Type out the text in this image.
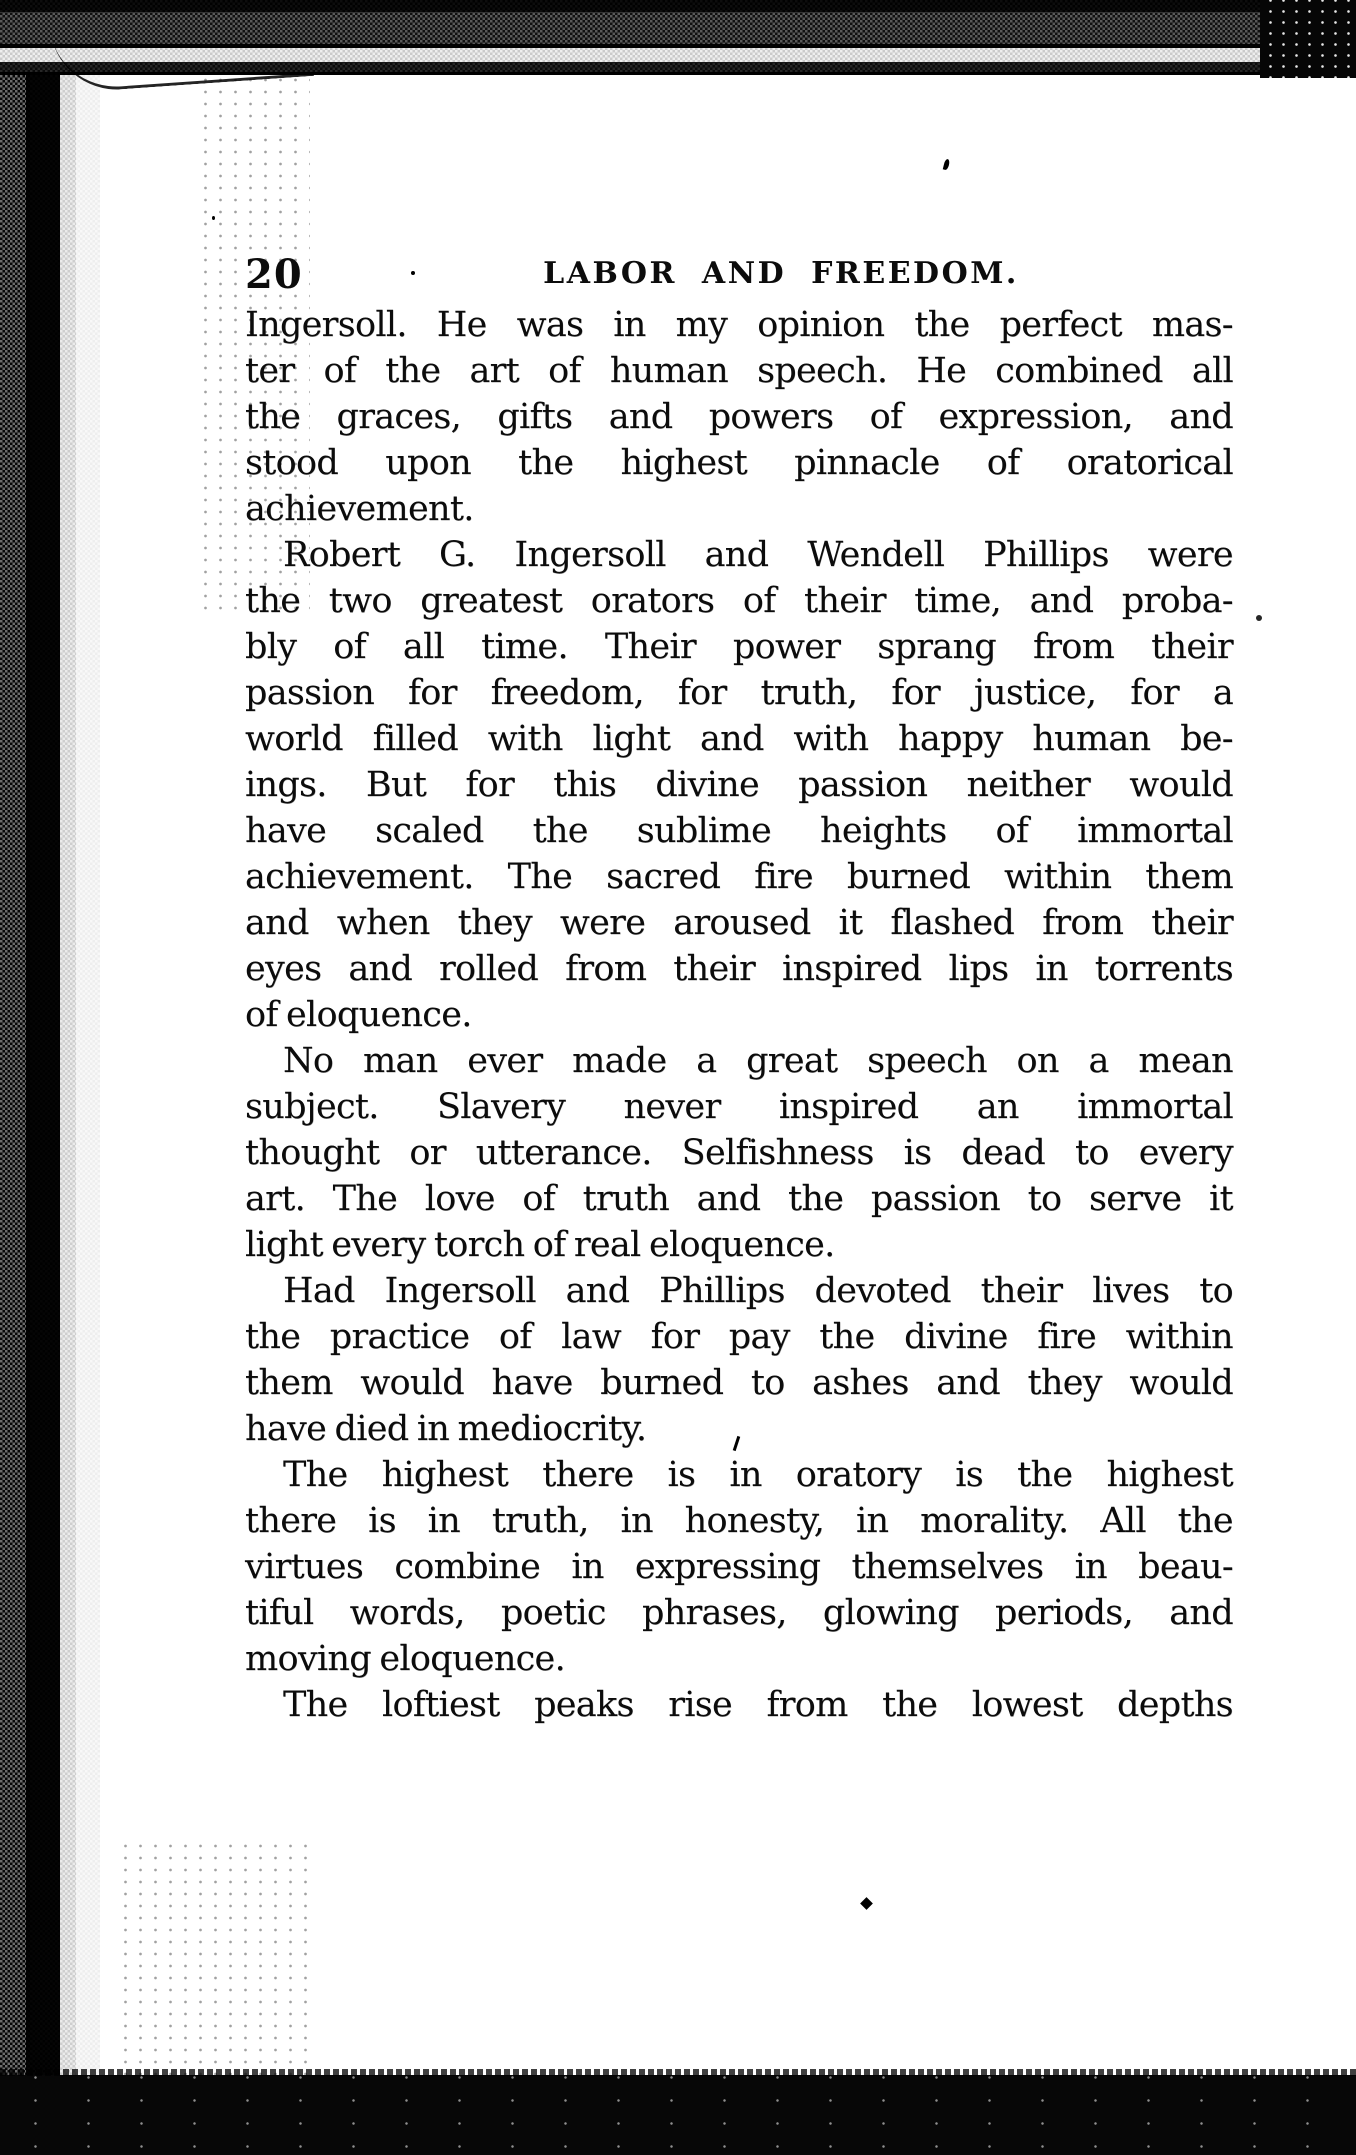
20	LABOR AND FREEDOM.
Ingersoll. He was in my opinion the perfect mas-
ter of the art of human speech. He combined all
the graces, gifts and powers of expression, and
stood upon the highest pinnacle of oratorical
achievement.
Robert G. Ingersoll and Wendell Phillips were
the two greatest orators of their time, and proba-
bly of all time. Their power sprang from their
passion for freedom, for truth, for justice, for a
world filled with light and with happy human be-
ings. But for this divine passion neither would
have scaled the sublime heights of immortal
achievement. The sacred fire burned within them
and when they were aroused it flashed from their
eyes and rolled from their inspired lips in torrents
of eloquence.
No man ever made a great speech on a mean
subject. Slavery never inspired an immortal
thought or utterance. Selfishness is dead to every
art. The love of truth and the passion to serve it
light every torch of real eloquence.
Had Ingersoll and Phillips devoted their lives to
the practice of law for pay the divine fire within
them would have burned to ashes and they would
have died in mediocrity.
The highest there is in oratory is the highest
there is in truth, in honesty, in morality. All the
virtues combine in expressing themselves in beau-
tiful words, poetic phrases, glowing periods, and
moving eloquence.
The loftiest peaks rise from the lowest depths
